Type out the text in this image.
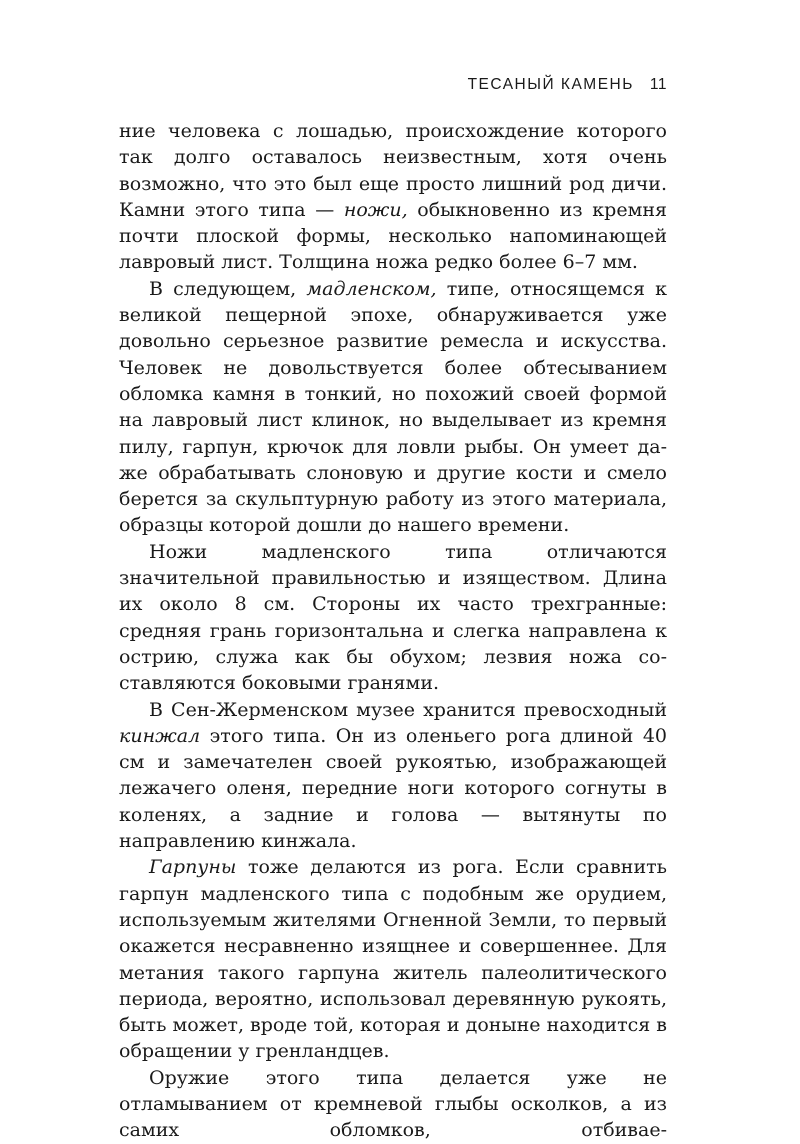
ТЕСАНЫЙ КАМЕНЬ 11

ние человека с лошадью, происхождение которого так долго оставалось неизвестным, хотя очень возможно, что это был еще просто лишний род дичи. Камни этого типа — ножи, обыкновенно из кремня почти плоской формы, несколько напоминающей лавровый лист. Толщина ножа редко более 6–7 мм.

В следующем, мадленском, типе, относящемся к великой пещерной эпохе, обнаруживается уже довольно серьезное развитие ремесла и искусства. Человек не довольствуется более обтесыванием обломка камня в тонкий, но похожий своей формой на лавровый лист клинок, но выделывает из кремня пилу, гарпун, крючок для ловли рыбы. Он умеет даже обрабатывать слоновую и другие кости и смело берется за скульптурную работу из этого материала, образцы которой дошли до нашего времени.

Ножи мадленского типа отличаются значительной правильностью и изяществом. Длина их около 8 см. Стороны их часто трехгранные: средняя грань горизонтальна и слегка направлена к острию, служа как бы обухом; лезвия ножа составляются боковыми гранями.

В Сен-Жерменском музее хранится превосходный кинжал этого типа. Он из оленьего рога длиной 40 см и замечателен своей рукоятью, изображающей лежачего оленя, передние ноги которого согнуты в коленях, а задние и голова — вытянуты по направлению кинжала.

Гарпуны тоже делаются из рога. Если сравнить гарпун мадленского типа с подобным же орудием, используемым жителями Огненной Земли, то первый окажется несравненно изящнее и совершеннее. Для метания такого гарпуна житель палеолитического периода, вероятно, использовал деревянную рукоять, быть может, вроде той, которая и доныне находится в обращении у гренландцев.

Оружие этого типа делается уже не отламыванием от кремневой глыбы осколков, а из самих обломков, отбивае-
